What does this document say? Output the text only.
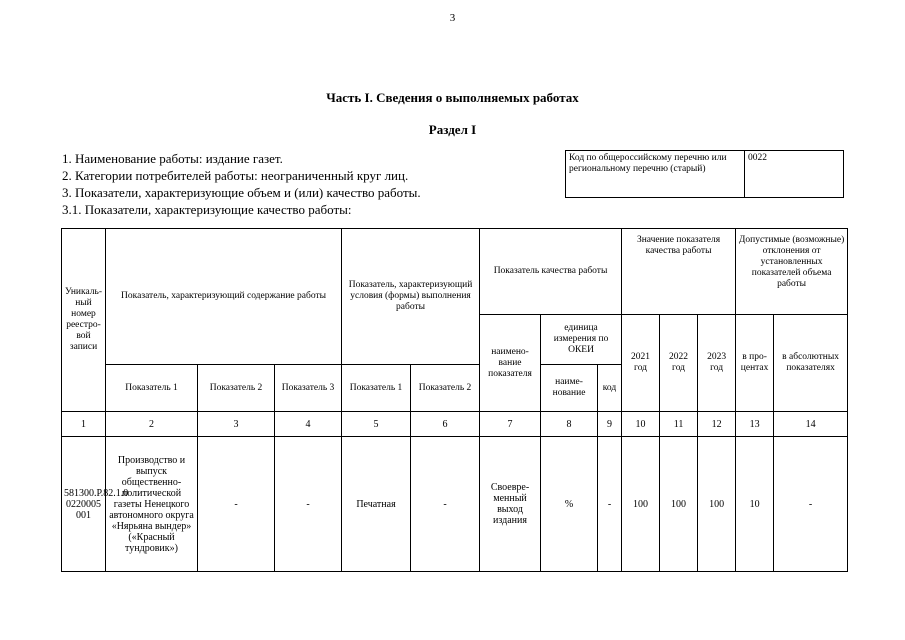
3
Часть I. Сведения о выполняемых работах
Раздел I
1. Наименование работы: издание газет.
2. Категории потребителей работы: неограниченный круг лиц.
3. Показатели, характеризующие объем и (или) качество работы.
3.1. Показатели, характеризующие качество работы:
Код по общероссийскому перечню или региональному перечню (старый)	0022
Уникаль-ный номер реестро-вой записи	Показатель, характеризующий содержание работы			Показатель, характеризующий условия (формы) выполнения работы		Показатель качества работы			Значение показателя качества работы			Допустимые (возможные) отклонения от установленных показателей объема работы	
						наимено-вание показателя	единица измерения по ОКЕИ		2021 год	2022 год	2023 год	в про-центах	в абсолютных показателях
	Показатель 1	Показатель 2	Показатель 3	Показатель 1	Показатель 2		наиме-нование	код					
1	2	3	4	5	6	7	8	9	10	11	12	13	14
581300.Р.82.1.0 0220005 001	Производство и выпуск общественно-политической газеты Ненецкого автономного округа «Нярьяна вындер» («Красный тундровик»)	-	-	Печатная	-	Своевре-менный выход издания	%	-	100	100	100	10	-
